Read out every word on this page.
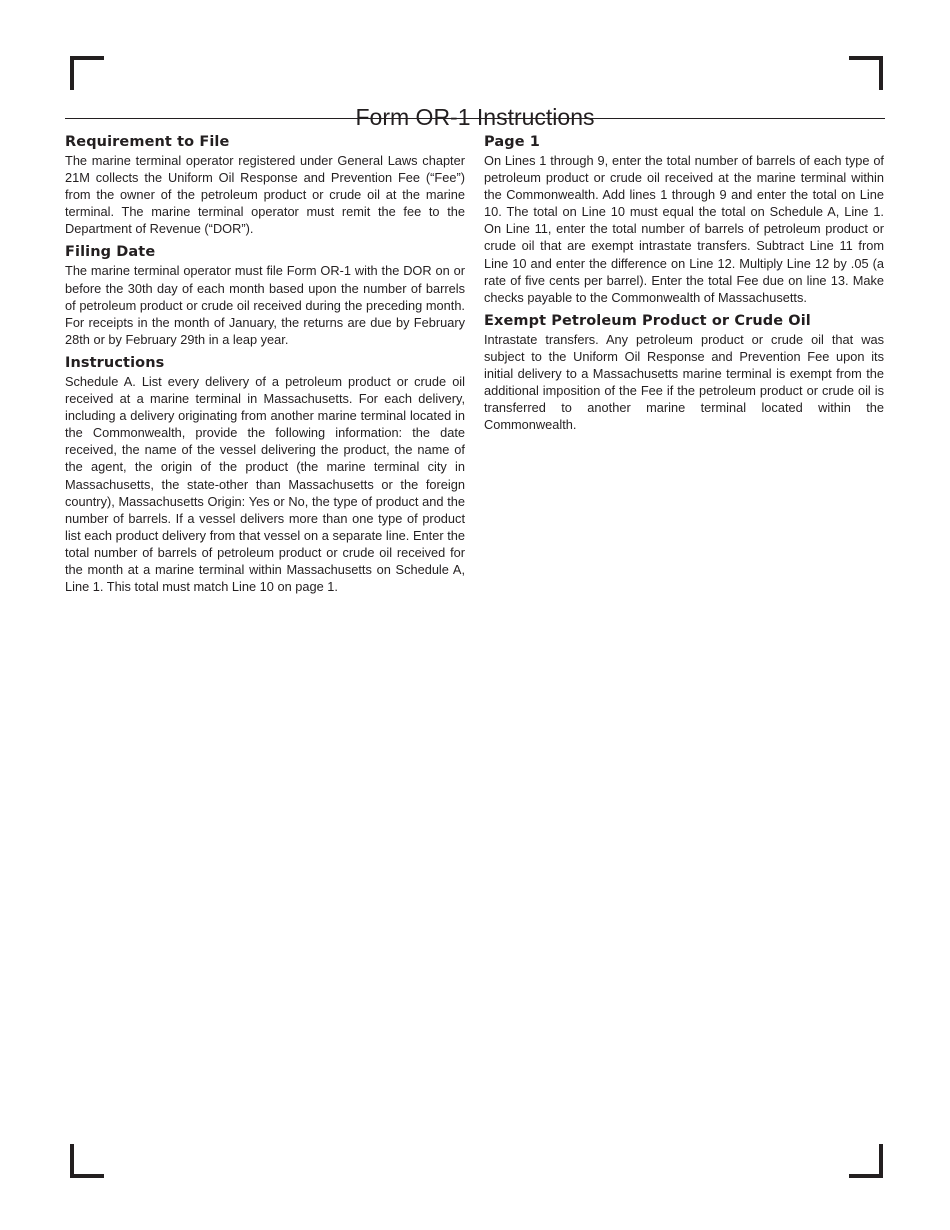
Form OR-1 Instructions
Requirement to File

The marine terminal operator registered under General Laws chapter 21M collects the Uniform Oil Response and Prevention Fee (“Fee”) from the owner of the petroleum product or crude oil at the marine terminal. The marine terminal operator must remit the fee to the Department of Revenue (“DOR”).

Filing Date

The marine terminal operator must file Form OR-1 with the DOR on or before the 30th day of each month based upon the number of barrels of petroleum product or crude oil received during the preceding month. For receipts in the month of January, the returns are due by February 28th or by February 29th in a leap year.

Instructions

Schedule A. List every delivery of a petroleum product or crude oil received at a marine terminal in Massachusetts. For each delivery, including a delivery originating from another marine terminal located in the Commonwealth, provide the following information: the date received, the name of the vessel delivering the product, the name of the agent, the origin of the product (the marine terminal city in Massachusetts, the state-other than Massachusetts or the foreign country), Massachusetts Origin: Yes or No, the type of product and the number of barrels. If a vessel delivers more than one type of product list each product delivery from that vessel on a separate line. Enter the total number of barrels of petroleum product or crude oil received for the month at a marine terminal within Massachusetts on Schedule A, Line 1. This total must match Line 10 on page 1.

Page 1

On Lines 1 through 9, enter the total number of barrels of each type of petroleum product or crude oil received at the marine terminal within the Commonwealth. Add lines 1 through 9 and enter the total on Line 10. The total on Line 10 must equal the total on Schedule A, Line 1. On Line 11, enter the total number of barrels of petroleum product or crude oil that are exempt intrastate transfers. Subtract Line 11 from Line 10 and enter the difference on Line 12. Multiply Line 12 by .05 (a rate of five cents per barrel). Enter the total Fee due on line 13. Make checks payable to the Commonwealth of Massachusetts.

Exempt Petroleum Product or Crude Oil

Intrastate transfers. Any petroleum product or crude oil that was subject to the Uniform Oil Response and Prevention Fee upon its initial delivery to a Massachusetts marine terminal is exempt from the additional imposition of the Fee if the petroleum product or crude oil is transferred to another marine terminal located within the Commonwealth.
